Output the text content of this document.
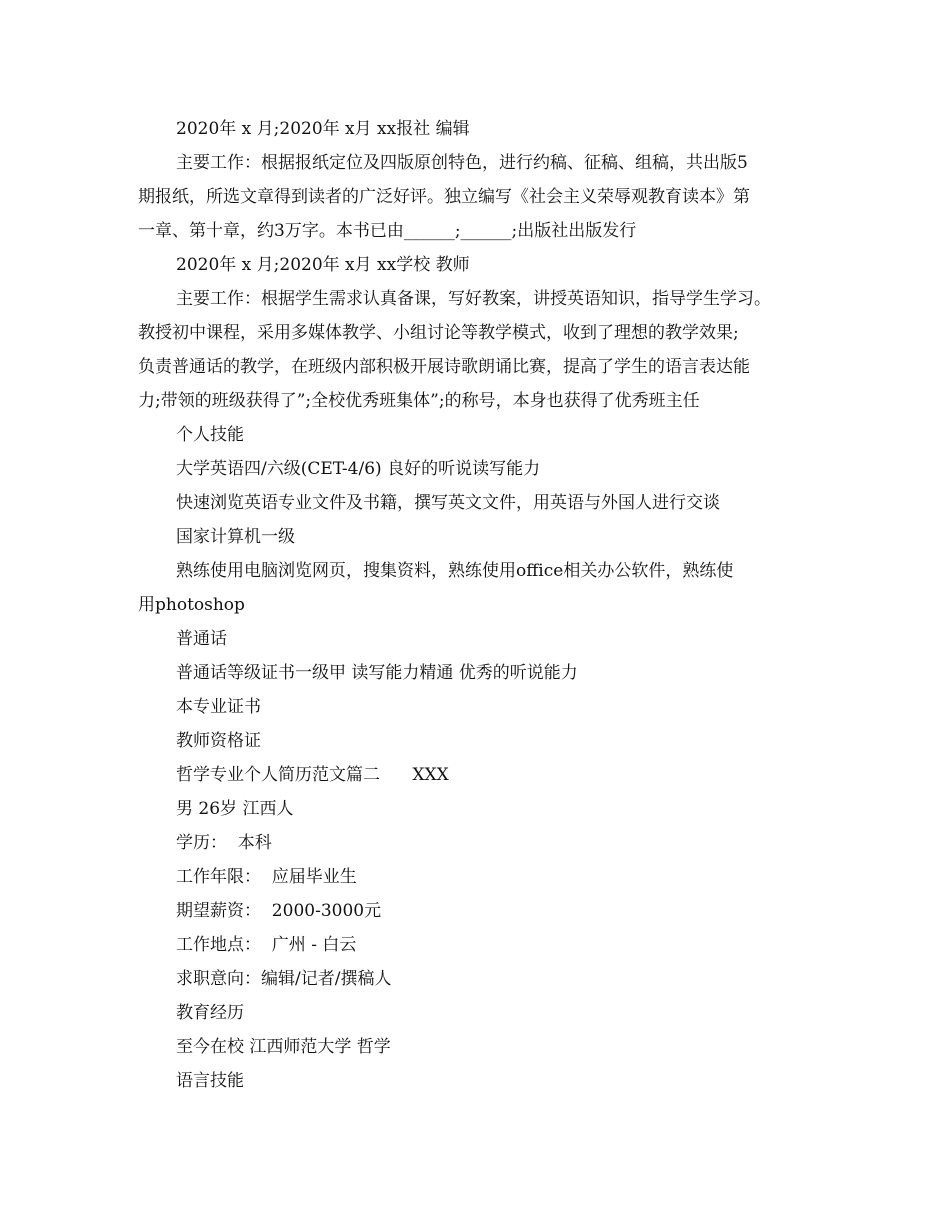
2020年 x 月;2020年 x月 xx报社 编辑
主要工作：根据报纸定位及四版原创特色，进行约稿、征稿、组稿，共出版5
期报纸，所选文章得到读者的广泛好评。独立编写《社会主义荣辱观教育读本》第
一章、第十章，约3万字。本书已由______;______;出版社出版发行
2020年 x 月;2020年 x月 xx学校 教师
主要工作：根据学生需求认真备课，写好教案，讲授英语知识，指导学生学习。
教授初中课程，采用多媒体教学、小组讨论等教学模式，收到了理想的教学效果;
负责普通话的教学，在班级内部积极开展诗歌朗诵比赛，提高了学生的语言表达能
力;带领的班级获得了”;全校优秀班集体”;的称号，本身也获得了优秀班主任
个人技能
大学英语四/六级(CET-4/6) 良好的听说读写能力
快速浏览英语专业文件及书籍，撰写英文文件，用英语与外国人进行交谈
国家计算机一级
熟练使用电脑浏览网页，搜集资料，熟练使用office相关办公软件，熟练使
用photoshop
普通话
普通话等级证书一级甲 读写能力精通 优秀的听说能力
本专业证书
教师资格证
哲学专业个人简历范文篇二      XXX
男 26岁 江西人
学历：  本科
工作年限：  应届毕业生
期望薪资：  2000-3000元
工作地点：  广州 - 白云
求职意向：编辑/记者/撰稿人
教育经历
至今在校 江西师范大学 哲学
语言技能
